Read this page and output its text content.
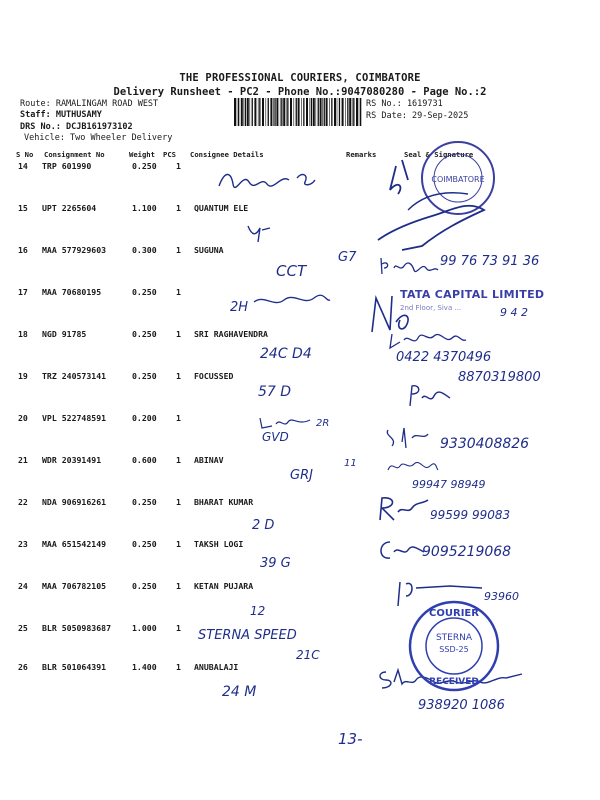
THE PROFESSIONAL COURIERS, COIMBATORE
Delivery Runsheet - PC2 - Phone No.:9047080280 - Page No.:2
Route: RAMALINGAM ROAD WEST
Staff: MUTHUSAMY
DRS No.: DCJB161973102
Vehicle: Two Wheeler Delivery
RS No.: 1619731
RS Date: 29-Sep-2025
S No Consignment No	Weight PCS Consignee Details	Remarks	Seal & Signature
14 TRP 601990	0.250 1
15 UPT 2265604	1.100 1 QUANTUM ELE
16 MAA 577929603	0.300 1 SUGUNA
17 MAA 70680195	0.250 1
18 NGD 91785	0.250 1 SRI RAGHAVENDRA
19 TRZ 240573141	0.250 1 FOCUSSED
20 VPL 522748591	0.200 1
21 WDR 20391491	0.600 1 ABINAV
22 NDA 906916261	0.250 1 BHARAT KUMAR
23 MAA 651542149	0.250 1 TAKSH LOGI
24 MAA 706782105	0.250 1 KETAN PUJARA
25 BLR 5050983687	1.000 1
26 BLR 501064391	1.400 1 ANUBALAJI
G7
CCT
99 76 73 91 36
2H
TATA CAPITAL LIMITED
2nd Floor, Siva ...	9 4 2
24C D4	0422 4370496
57 D
8870319800
GVD
2R
9330408826
GRJ
11
99947 98949
2 D
99599 99083
39 G
9095219068
12
93960
STERNA SPEED
21C
24 M
938920 1086
13-
COIMBATORE
COURIER
STERNA
SSD-25
RECEIVED
